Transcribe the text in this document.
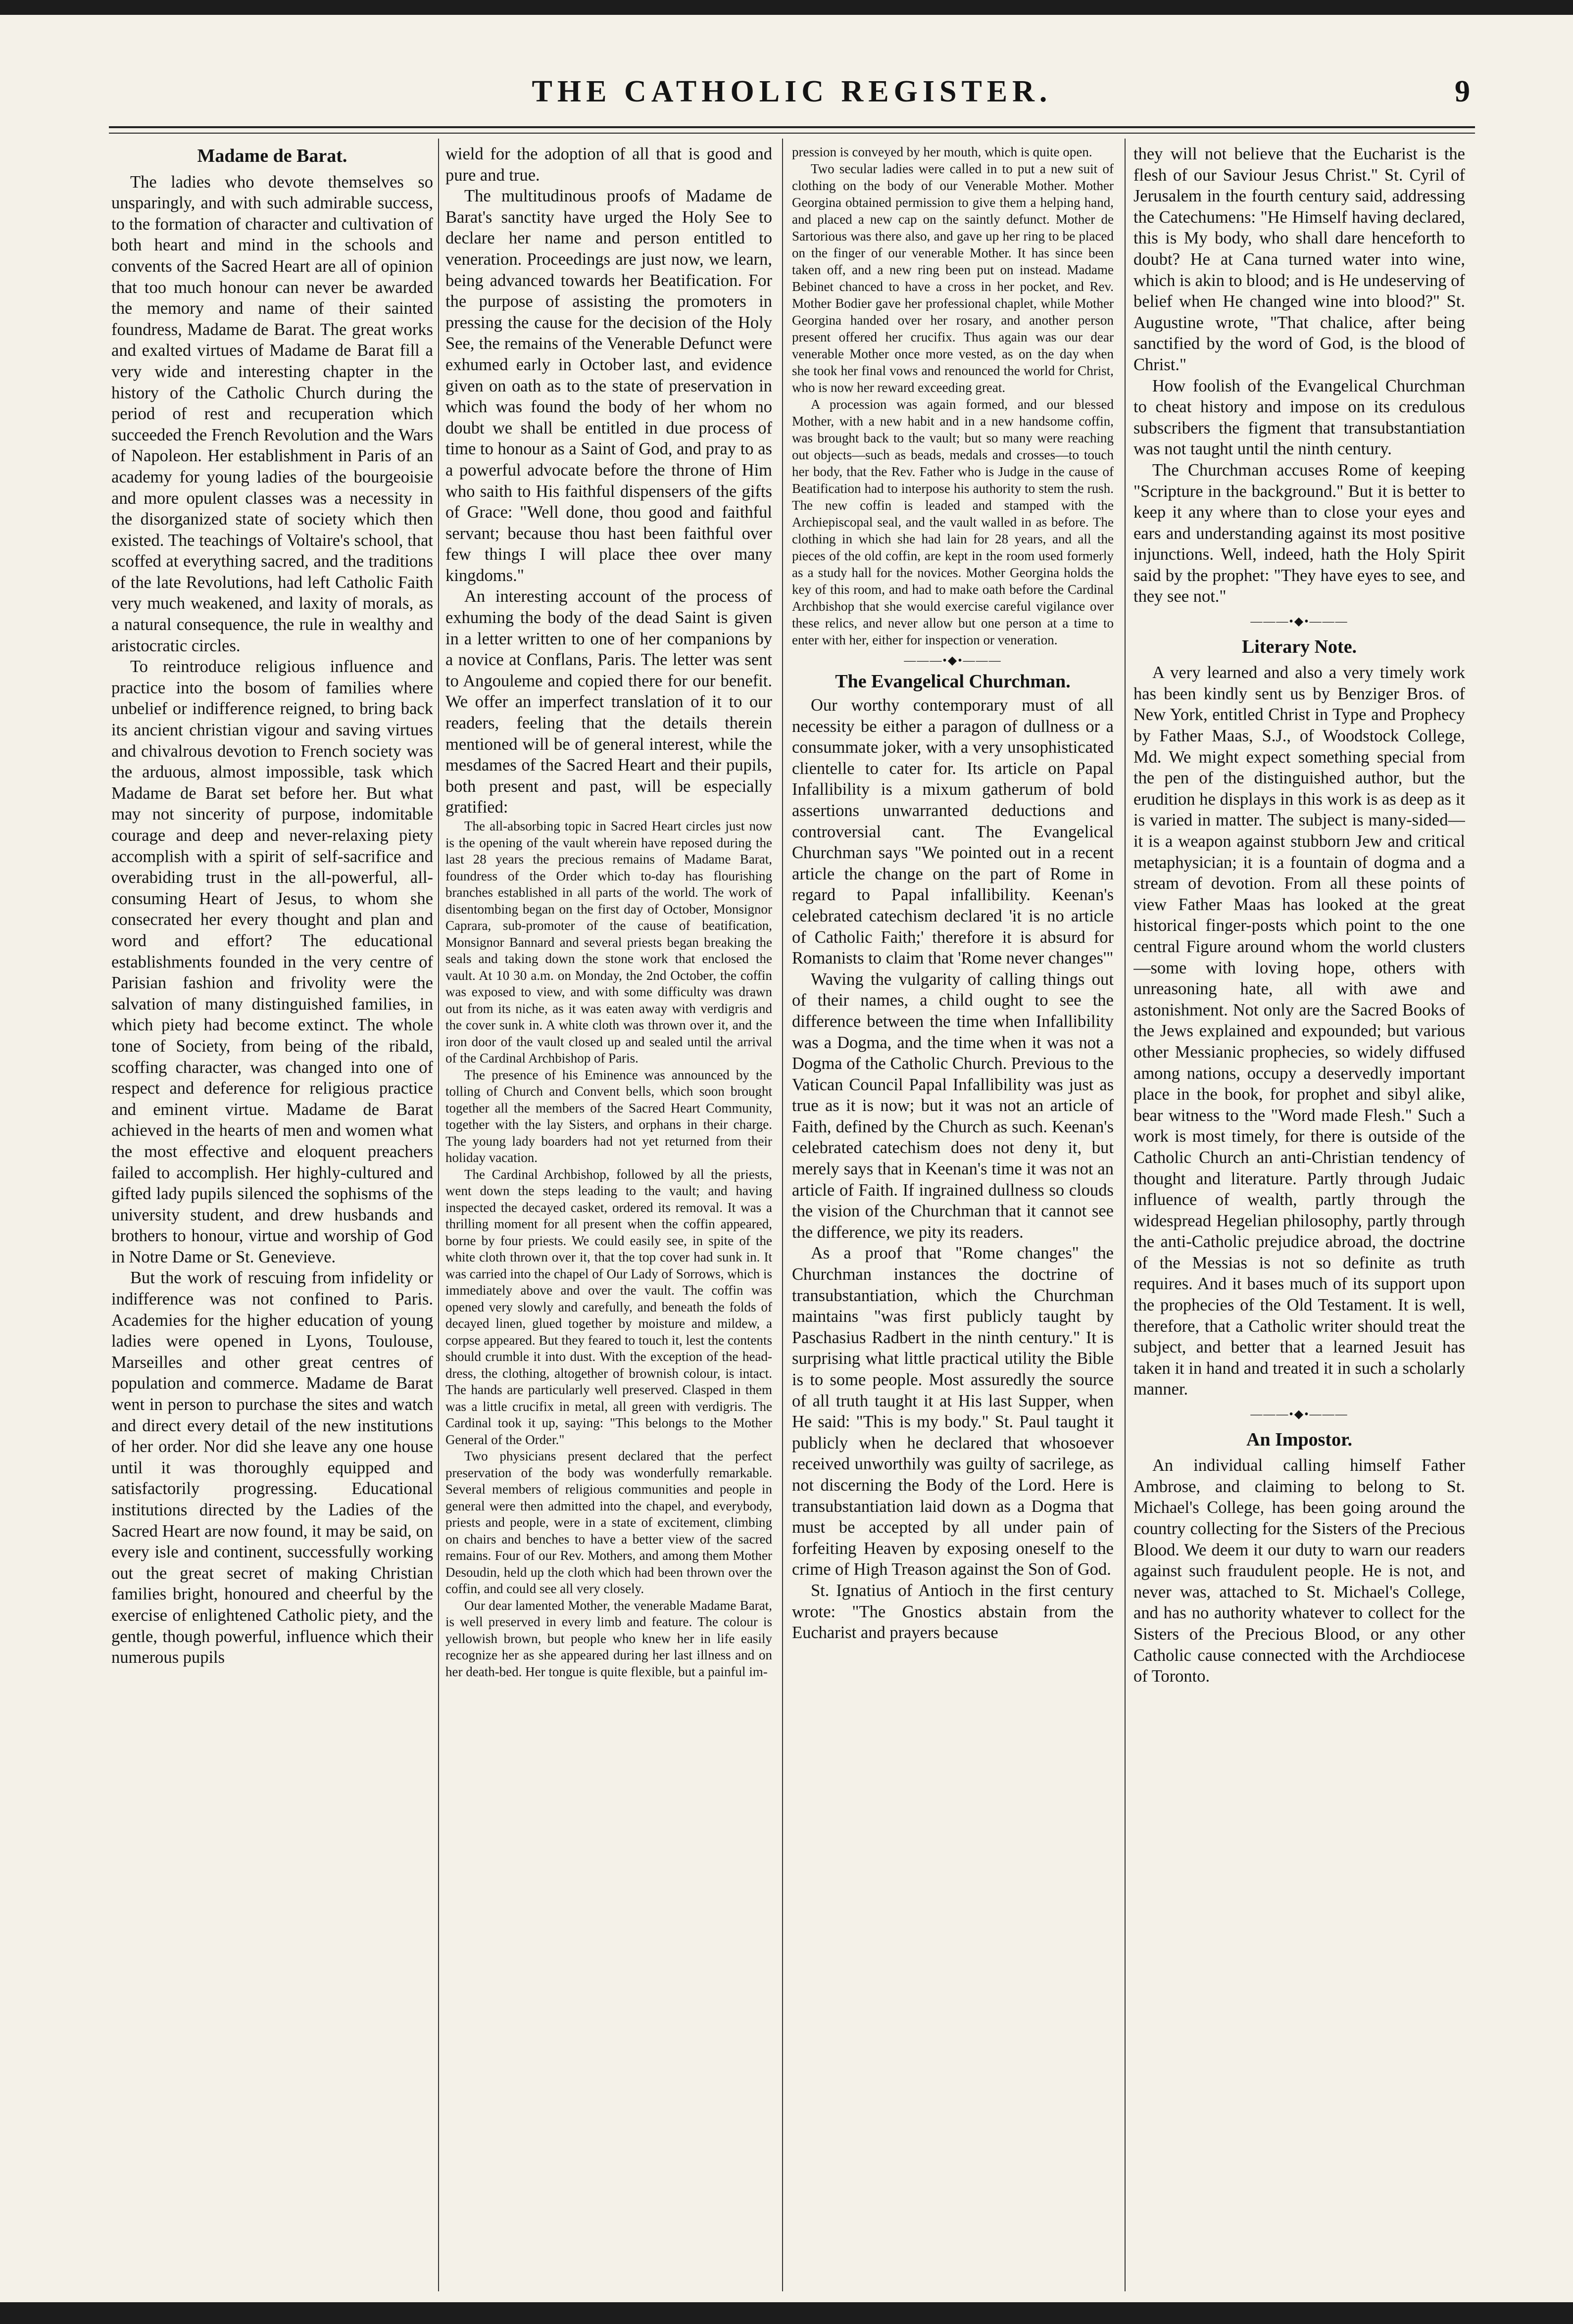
THE CATHOLIC REGISTER.	9
Madame de Barat.

The ladies who devote themselves so unsparingly, and with such admirable success, to the formation of character and cultivation of both heart and mind in the schools and convents of the Sacred Heart are all of opinion that too much honour can never be awarded the memory and name of their sainted foundress, Madame de Barat. The great works and exalted virtues of Madame de Barat fill a very wide and interesting chapter in the history of the Catholic Church during the period of rest and recuperation which succeeded the French Revolution and the Wars of Napoleon. Her establishment in Paris of an academy for young ladies of the bourgeoisie and more opulent classes was a necessity in the disorganized state of society which then existed. The teachings of Voltaire's school, that scoffed at everything sacred, and the traditions of the late Revolutions, had left Catholic Faith very much weakened, and laxity of morals, as a natural consequence, the rule in wealthy and aristocratic circles.

To reintroduce religious influence and practice into the bosom of families where unbelief or indifference reigned, to bring back its ancient christian vigour and saving virtues and chivalrous devotion to French society was the arduous, almost impossible, task which Madame de Barat set before her. But what may not sincerity of purpose, indomitable courage and deep and never-relaxing piety accomplish with a spirit of self-sacrifice and overabiding trust in the all-powerful, all-consuming Heart of Jesus, to whom she consecrated her every thought and plan and word and effort? The educational establishments founded in the very centre of Parisian fashion and frivolity were the salvation of many distinguished families, in which piety had become extinct. The whole tone of Society, from being of the ribald, scoffing character, was changed into one of respect and deference for religious practice and eminent virtue. Madame de Barat achieved in the hearts of men and women what the most effective and eloquent preachers failed to accomplish. Her highly-cultured and gifted lady pupils silenced the sophisms of the university student, and drew husbands and brothers to honour, virtue and worship of God in Notre Dame or St. Genevieve.

But the work of rescuing from infidelity or indifference was not confined to Paris. Academies for the higher education of young ladies were opened in Lyons, Toulouse, Marseilles and other great centres of population and commerce. Madame de Barat went in person to purchase the sites and watch and direct every detail of the new institutions of her order. Nor did she leave any one house until it was thoroughly equipped and satisfactorily progressing. Educational institutions directed by the Ladies of the Sacred Heart are now found, it may be said, on every isle and continent, successfully working out the great secret of making Christian families bright, honoured and cheerful by the exercise of enlightened Catholic piety, and the gentle, though powerful, influence which their numerous pupils

wield for the adoption of all that is good and pure and true.

The multitudinous proofs of Madame de Barat's sanctity have urged the Holy See to declare her name and person entitled to veneration. Proceedings are just now, we learn, being advanced towards her Beatification. For the purpose of assisting the promoters in pressing the cause for the decision of the Holy See, the remains of the Venerable Defunct were exhumed early in October last, and evidence given on oath as to the state of preservation in which was found the body of her whom no doubt we shall be entitled in due process of time to honour as a Saint of God, and pray to as a powerful advocate before the throne of Him who saith to His faithful dispensers of the gifts of Grace: "Well done, thou good and faithful servant; because thou hast been faithful over few things I will place thee over many kingdoms."

An interesting account of the process of exhuming the body of the dead Saint is given in a letter written to one of her companions by a novice at Conflans, Paris. The letter was sent to Angouleme and copied there for our benefit. We offer an imperfect translation of it to our readers, feeling that the details therein mentioned will be of general interest, while the mesdames of the Sacred Heart and their pupils, both present and past, will be especially gratified:

The all-absorbing topic in Sacred Heart circles just now is the opening of the vault wherein have reposed during the last 28 years the precious remains of Madame Barat, foundress of the Order which to-day has flourishing branches established in all parts of the world. The work of disentombing began on the first day of October, Monsignor Caprara, sub-promoter of the cause of beatification, Monsignor Bannard and several priests began breaking the seals and taking down the stone work that enclosed the vault. At 10 30 a.m. on Monday, the 2nd October, the coffin was exposed to view, and with some difficulty was drawn out from its niche, as it was eaten away with verdigris and the cover sunk in. A white cloth was thrown over it, and the iron door of the vault closed up and sealed until the arrival of the Cardinal Archbishop of Paris.

The presence of his Eminence was announced by the tolling of Church and Convent bells, which soon brought together all the members of the Sacred Heart Community, together with the lay Sisters, and orphans in their charge. The young lady boarders had not yet returned from their holiday vacation.

The Cardinal Archbishop, followed by all the priests, went down the steps leading to the vault; and having inspected the decayed casket, ordered its removal. It was a thrilling moment for all present when the coffin appeared, borne by four priests. We could easily see, in spite of the white cloth thrown over it, that the top cover had sunk in. It was carried into the chapel of Our Lady of Sorrows, which is immediately above and over the vault. The coffin was opened very slowly and carefully, and beneath the folds of decayed linen, glued together by moisture and mildew, a corpse appeared. But they feared to touch it, lest the contents should crumble it into dust. With the exception of the head-dress, the clothing, altogether of brownish colour, is intact. The hands are particularly well preserved. Clasped in them was a little crucifix in metal, all green with verdigris. The Cardinal took it up, saying: "This belongs to the Mother General of the Order."

Two physicians present declared that the perfect preservation of the body was wonderfully remarkable. Several members of religious communities and people in general were then admitted into the chapel, and everybody, priests and people, were in a state of excitement, climbing on chairs and benches to have a better view of the sacred remains. Four of our Rev. Mothers, and among them Mother Desoudin, held up the cloth which had been thrown over the coffin, and could see all very closely.

Our dear lamented Mother, the venerable Madame Barat, is well preserved in every limb and feature. The colour is yellowish brown, but people who knew her in life easily recognize her as she appeared during her last illness and on her death-bed. Her tongue is quite flexible, but a painful im-

pression is conveyed by her mouth, which is quite open.

Two secular ladies were called in to put a new suit of clothing on the body of our Venerable Mother. Mother Georgina obtained permission to give them a helping hand, and placed a new cap on the saintly defunct. Mother de Sartorious was there also, and gave up her ring to be placed on the finger of our venerable Mother. It has since been taken off, and a new ring been put on instead. Madame Bebinet chanced to have a cross in her pocket, and Rev. Mother Bodier gave her professional chaplet, while Mother Georgina handed over her rosary, and another person present offered her crucifix. Thus again was our dear venerable Mother once more vested, as on the day when she took her final vows and renounced the world for Christ, who is now her reward exceeding great.

A procession was again formed, and our blessed Mother, with a new habit and in a new handsome coffin, was brought back to the vault; but so many were reaching out objects—such as beads, medals and crosses—to touch her body, that the Rev. Father who is Judge in the cause of Beatification had to interpose his authority to stem the rush. The new coffin is leaded and stamped with the Archiepiscopal seal, and the vault walled in as before. The clothing in which she had lain for 28 years, and all the pieces of the old coffin, are kept in the room used formerly as a study hall for the novices. Mother Georgina holds the key of this room, and had to make oath before the Cardinal Archbishop that she would exercise careful vigilance over these relics, and never allow but one person at a time to enter with her, either for inspection or veneration.

———•◆•———
The Evangelical Churchman.

Our worthy contemporary must of all necessity be either a paragon of dullness or a consummate joker, with a very unsophisticated clientelle to cater for. Its article on Papal Infallibility is a mixum gatherum of bold assertions unwarranted deductions and controversial cant. The Evangelical Churchman says "We pointed out in a recent article the change on the part of Rome in regard to Papal infallibility. Keenan's celebrated catechism declared 'it is no article of Catholic Faith;' therefore it is absurd for Romanists to claim that 'Rome never changes'"

Waving the vulgarity of calling things out of their names, a child ought to see the difference between the time when Infallibility was a Dogma, and the time when it was not a Dogma of the Catholic Church. Previous to the Vatican Council Papal Infallibility was just as true as it is now; but it was not an article of Faith, defined by the Church as such. Keenan's celebrated catechism does not deny it, but merely says that in Keenan's time it was not an article of Faith. If ingrained dullness so clouds the vision of the Churchman that it cannot see the difference, we pity its readers.

As a proof that "Rome changes" the Churchman instances the doctrine of transubstantiation, which the Churchman maintains "was first publicly taught by Paschasius Radbert in the ninth century." It is surprising what little practical utility the Bible is to some people. Most assuredly the source of all truth taught it at His last Supper, when He said: "This is my body." St. Paul taught it publicly when he declared that whosoever received unworthily was guilty of sacrilege, as not discerning the Body of the Lord. Here is transubstantiation laid down as a Dogma that must be accepted by all under pain of forfeiting Heaven by exposing oneself to the crime of High Treason against the Son of God.

St. Ignatius of Antioch in the first century wrote: "The Gnostics abstain from the Eucharist and prayers because

they will not believe that the Eucharist is the flesh of our Saviour Jesus Christ." St. Cyril of Jerusalem in the fourth century said, addressing the Catechumens: "He Himself having declared, this is My body, who shall dare henceforth to doubt? He at Cana turned water into wine, which is akin to blood; and is He undeserving of belief when He changed wine into blood?" St. Augustine wrote, "That chalice, after being sanctified by the word of God, is the blood of Christ."

How foolish of the Evangelical Churchman to cheat history and impose on its credulous subscribers the figment that transubstantiation was not taught until the ninth century.

The Churchman accuses Rome of keeping "Scripture in the background." But it is better to keep it any where than to close your eyes and ears and understanding against its most positive injunctions. Well, indeed, hath the Holy Spirit said by the prophet: "They have eyes to see, and they see not."

———•◆•———
Literary Note.

A very learned and also a very timely work has been kindly sent us by Benziger Bros. of New York, entitled Christ in Type and Prophecy by Father Maas, S.J., of Woodstock College, Md. We might expect something special from the pen of the distinguished author, but the erudition he displays in this work is as deep as it is varied in matter. The subject is many-sided—it is a weapon against stubborn Jew and critical metaphysician; it is a fountain of dogma and a stream of devotion. From all these points of view Father Maas has looked at the great historical finger-posts which point to the one central Figure around whom the world clusters—some with loving hope, others with unreasoning hate, all with awe and astonishment. Not only are the Sacred Books of the Jews explained and expounded; but various other Messianic prophecies, so widely diffused among nations, occupy a deservedly important place in the book, for prophet and sibyl alike, bear witness to the "Word made Flesh." Such a work is most timely, for there is outside of the Catholic Church an anti-Christian tendency of thought and literature. Partly through Judaic influence of wealth, partly through the widespread Hegelian philosophy, partly through the anti-Catholic prejudice abroad, the doctrine of the Messias is not so definite as truth requires. And it bases much of its support upon the prophecies of the Old Testament. It is well, therefore, that a Catholic writer should treat the subject, and better that a learned Jesuit has taken it in hand and treated it in such a scholarly manner.

———•◆•———
An Impostor.

An individual calling himself Father Ambrose, and claiming to belong to St. Michael's College, has been going around the country collecting for the Sisters of the Precious Blood. We deem it our duty to warn our readers against such fraudulent people. He is not, and never was, attached to St. Michael's College, and has no authority whatever to collect for the Sisters of the Precious Blood, or any other Catholic cause connected with the Archdiocese of Toronto.
